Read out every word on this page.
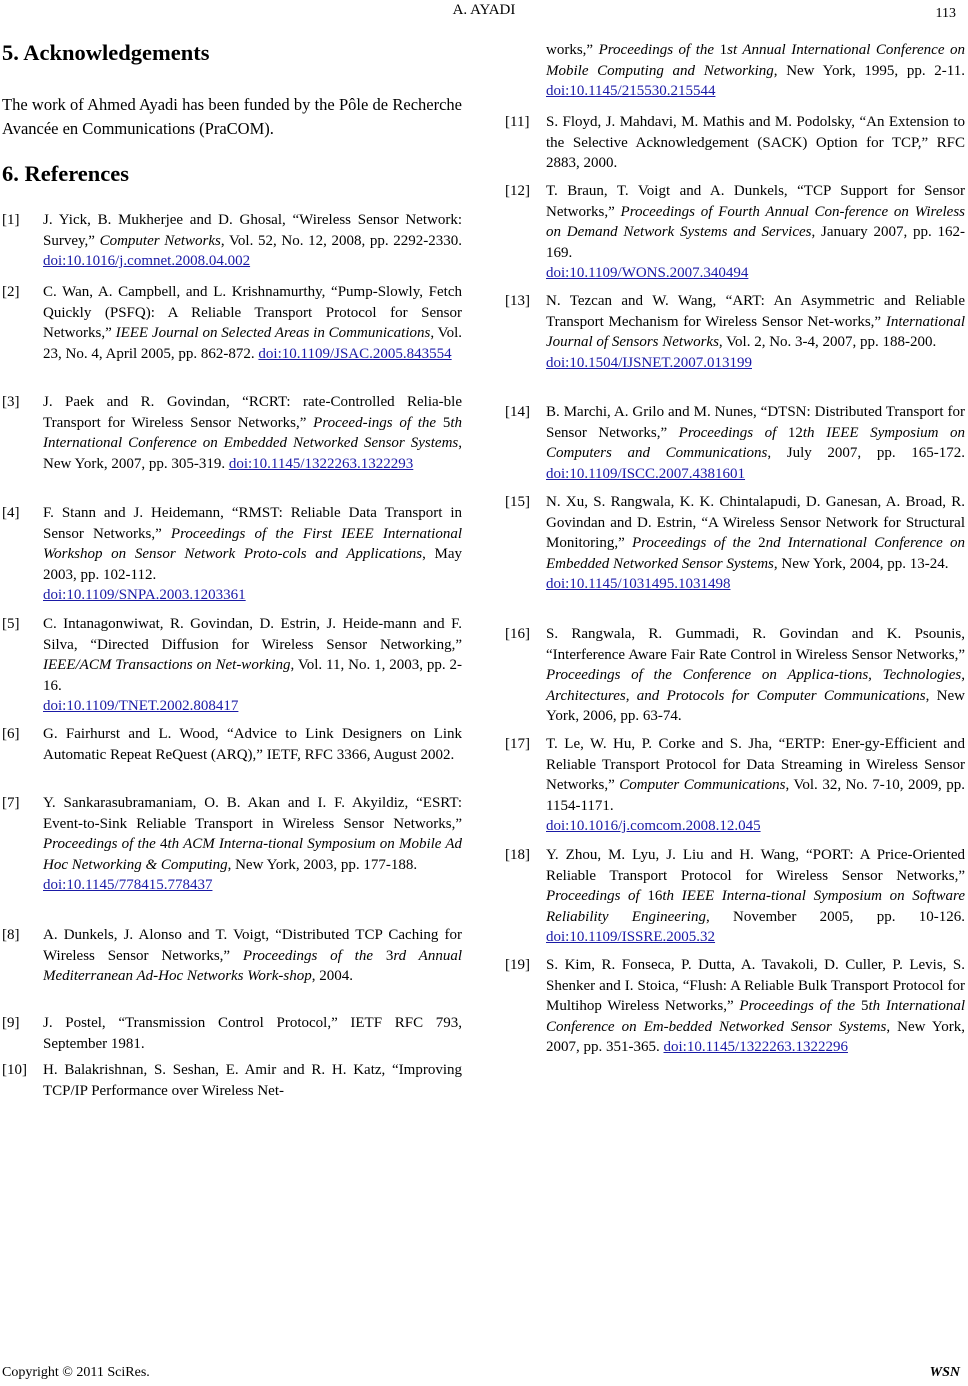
A. AYADI	113
5. Acknowledgements

The work of Ahmed Ayadi has been funded by the Pôle de Recherche Avancée en Communications (PraCOM).

6. References
[1] J. Yick, B. Mukherjee and D. Ghosal, “Wireless Sensor Network: Survey,” Computer Networks, Vol. 52, No. 12, 2008, pp. 2292-2330. doi:10.1016/j.comnet.2008.04.002
[2] C. Wan, A. Campbell, and L. Krishnamurthy, “Pump-Slowly, Fetch Quickly (PSFQ): A Reliable Transport Protocol for Sensor Networks,” IEEE Journal on Selected Areas in Communications, Vol. 23, No. 4, April 2005, pp. 862-872. doi:10.1109/JSAC.2005.843554
[3] J. Paek and R. Govindan, “RCRT: rate-Controlled Relia-ble Transport for Wireless Sensor Networks,” Proceed-ings of the 5th International Conference on Embedded Networked Sensor Systems, New York, 2007, pp. 305-319. doi:10.1145/1322263.1322293
[4] F. Stann and J. Heidemann, “RMST: Reliable Data Transport in Sensor Networks,” Proceedings of the First IEEE International Workshop on Sensor Network Proto-cols and Applications, May 2003, pp. 102-112.
doi:10.1109/SNPA.2003.1203361
[5] C. Intanagonwiwat, R. Govindan, D. Estrin, J. Heide-mann and F. Silva, “Directed Diffusion for Wireless Sensor Networking,” IEEE/ACM Transactions on Net-working, Vol. 11, No. 1, 2003, pp. 2-16.
doi:10.1109/TNET.2002.808417
[6] G. Fairhurst and L. Wood, “Advice to Link Designers on Link Automatic Repeat ReQuest (ARQ),” IETF, RFC 3366, August 2002.
[7] Y. Sankarasubramaniam, O. B. Akan and I. F. Akyildiz, “ESRT: Event-to-Sink Reliable Transport in Wireless Sensor Networks,” Proceedings of the 4th ACM Interna-tional Symposium on Mobile Ad Hoc Networking & Computing, New York, 2003, pp. 177-188.
doi:10.1145/778415.778437
[8] A. Dunkels, J. Alonso and T. Voigt, “Distributed TCP Caching for Wireless Sensor Networks,” Proceedings of the 3rd Annual Mediterranean Ad-Hoc Networks Work-shop, 2004.
[9] J. Postel, “Transmission Control Protocol,” IETF RFC 793, September 1981.
[10] H. Balakrishnan, S. Seshan, E. Amir and R. H. Katz, “Improving TCP/IP Performance over Wireless Net-
works,” Proceedings of the 1st Annual International Conference on Mobile Computing and Networking, New York, 1995, pp. 2-11. doi:10.1145/215530.215544
[11] S. Floyd, J. Mahdavi, M. Mathis and M. Podolsky, “An Extension to the Selective Acknowledgement (SACK) Option for TCP,” RFC 2883, 2000.
[12] T. Braun, T. Voigt and A. Dunkels, “TCP Support for Sensor Networks,” Proceedings of Fourth Annual Con-ference on Wireless on Demand Network Systems and Services, January 2007, pp. 162-169.
doi:10.1109/WONS.2007.340494
[13] N. Tezcan and W. Wang, “ART: An Asymmetric and Reliable Transport Mechanism for Wireless Sensor Net-works,” International Journal of Sensors Networks, Vol. 2, No. 3-4, 2007, pp. 188-200.
doi:10.1504/IJSNET.2007.013199
[14] B. Marchi, A. Grilo and M. Nunes, “DTSN: Distributed Transport for Sensor Networks,” Proceedings of 12th IEEE Symposium on Computers and Communications, July 2007, pp. 165-172. doi:10.1109/ISCC.2007.4381601
[15] N. Xu, S. Rangwala, K. K. Chintalapudi, D. Ganesan, A. Broad, R. Govindan and D. Estrin, “A Wireless Sensor Network for Structural Monitoring,” Proceedings of the 2nd International Conference on Embedded Networked Sensor Systems, New York, 2004, pp. 13-24.
doi:10.1145/1031495.1031498
[16] S. Rangwala, R. Gummadi, R. Govindan and K. Psounis, “Interference Aware Fair Rate Control in Wireless Sensor Networks,” Proceedings of the Conference on Applica-tions, Technologies, Architectures, and Protocols for Computer Communications, New York, 2006, pp. 63-74.
[17] T. Le, W. Hu, P. Corke and S. Jha, “ERTP: Ener-gy-Efficient and Reliable Transport Protocol for Data Streaming in Wireless Sensor Networks,” Computer Communications, Vol. 32, No. 7-10, 2009, pp. 1154-1171.
doi:10.1016/j.comcom.2008.12.045
[18] Y. Zhou, M. Lyu, J. Liu and H. Wang, “PORT: A Price-Oriented Reliable Transport Protocol for Wireless Sensor Networks,” Proceedings of 16th IEEE Interna-tional Symposium on Software Reliability Engineering, November 2005, pp. 10-126. doi:10.1109/ISSRE.2005.32
[19] S. Kim, R. Fonseca, P. Dutta, A. Tavakoli, D. Culler, P. Levis, S. Shenker and I. Stoica, “Flush: A Reliable Bulk Transport Protocol for Multihop Wireless Networks,” Proceedings of the 5th International Conference on Em-bedded Networked Sensor Systems, New York, 2007, pp. 351-365. doi:10.1145/1322263.1322296
Copyright © 2011 SciRes.	WSN
